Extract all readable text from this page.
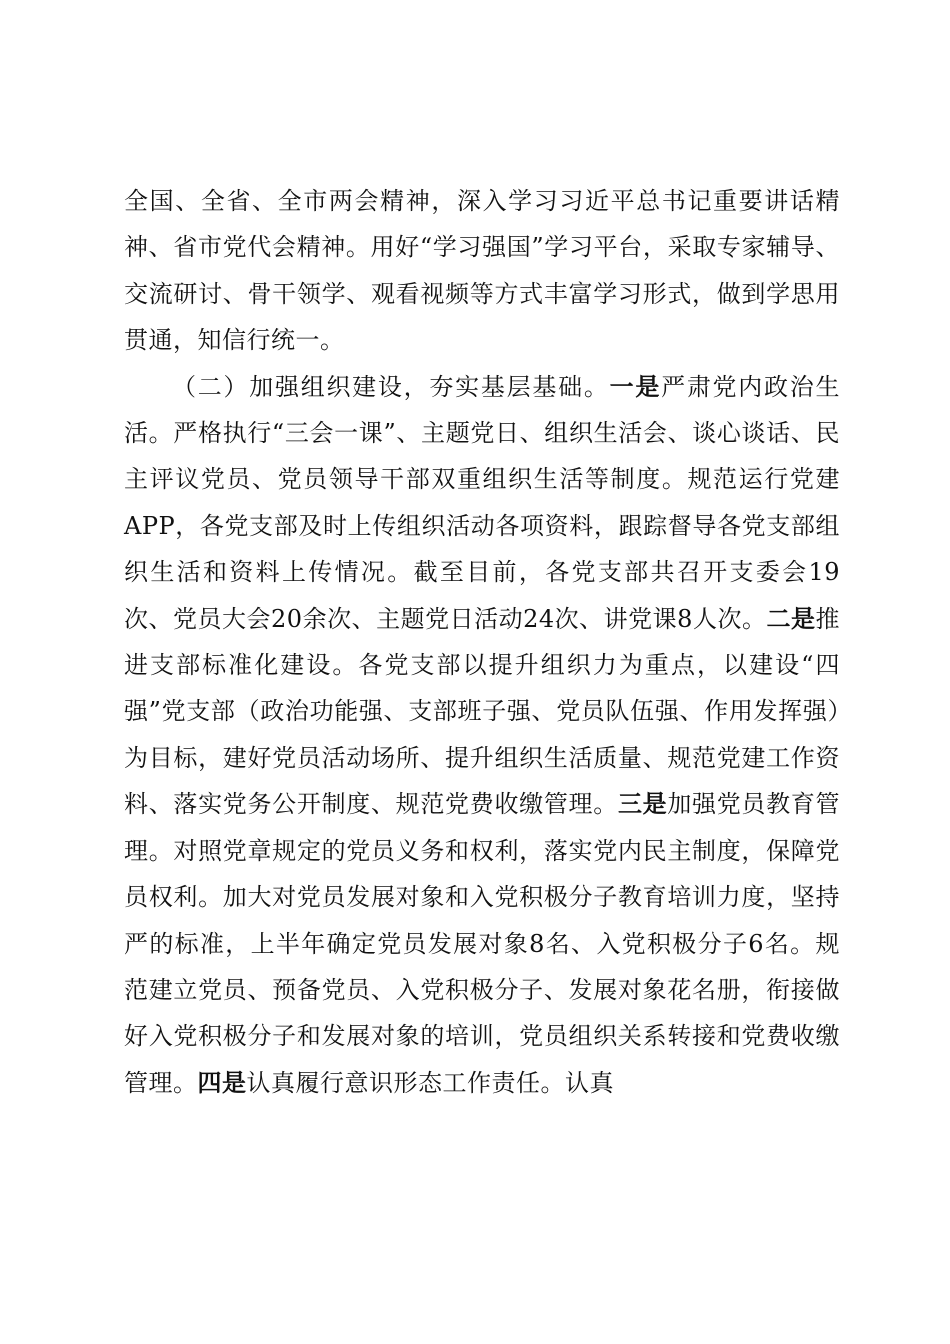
全国、全省、全市两会精神，深入学习习近平总书记重要讲话精神、省市党代会精神。用好“学习强国”学习平台，采取专家辅导、交流研讨、骨干领学、观看视频等方式丰富学习形式，做到学思用贯通，知信行统一。

（二）加强组织建设，夯实基层基础。一是严肃党内政治生活。严格执行“三会一课”、主题党日、组织生活会、谈心谈话、民主评议党员、党员领导干部双重组织生活等制度。规范运行党建APP，各党支部及时上传组织活动各项资料，跟踪督导各党支部组织生活和资料上传情况。截至目前，各党支部共召开支委会19次、党员大会20余次、主题党日活动24次、讲党课8人次。二是推进支部标准化建设。各党支部以提升组织力为重点，以建设“四强”党支部（政治功能强、支部班子强、党员队伍强、作用发挥强）为目标，建好党员活动场所、提升组织生活质量、规范党建工作资料、落实党务公开制度、规范党费收缴管理。三是加强党员教育管理。对照党章规定的党员义务和权利，落实党内民主制度，保障党员权利。加大对党员发展对象和入党积极分子教育培训力度，坚持严的标准，上半年确定党员发展对象8名、入党积极分子6名。规范建立党员、预备党员、入党积极分子、发展对象花名册，衔接做好入党积极分子和发展对象的培训，党员组织关系转接和党费收缴管理。四是认真履行意识形态工作责任。认真
